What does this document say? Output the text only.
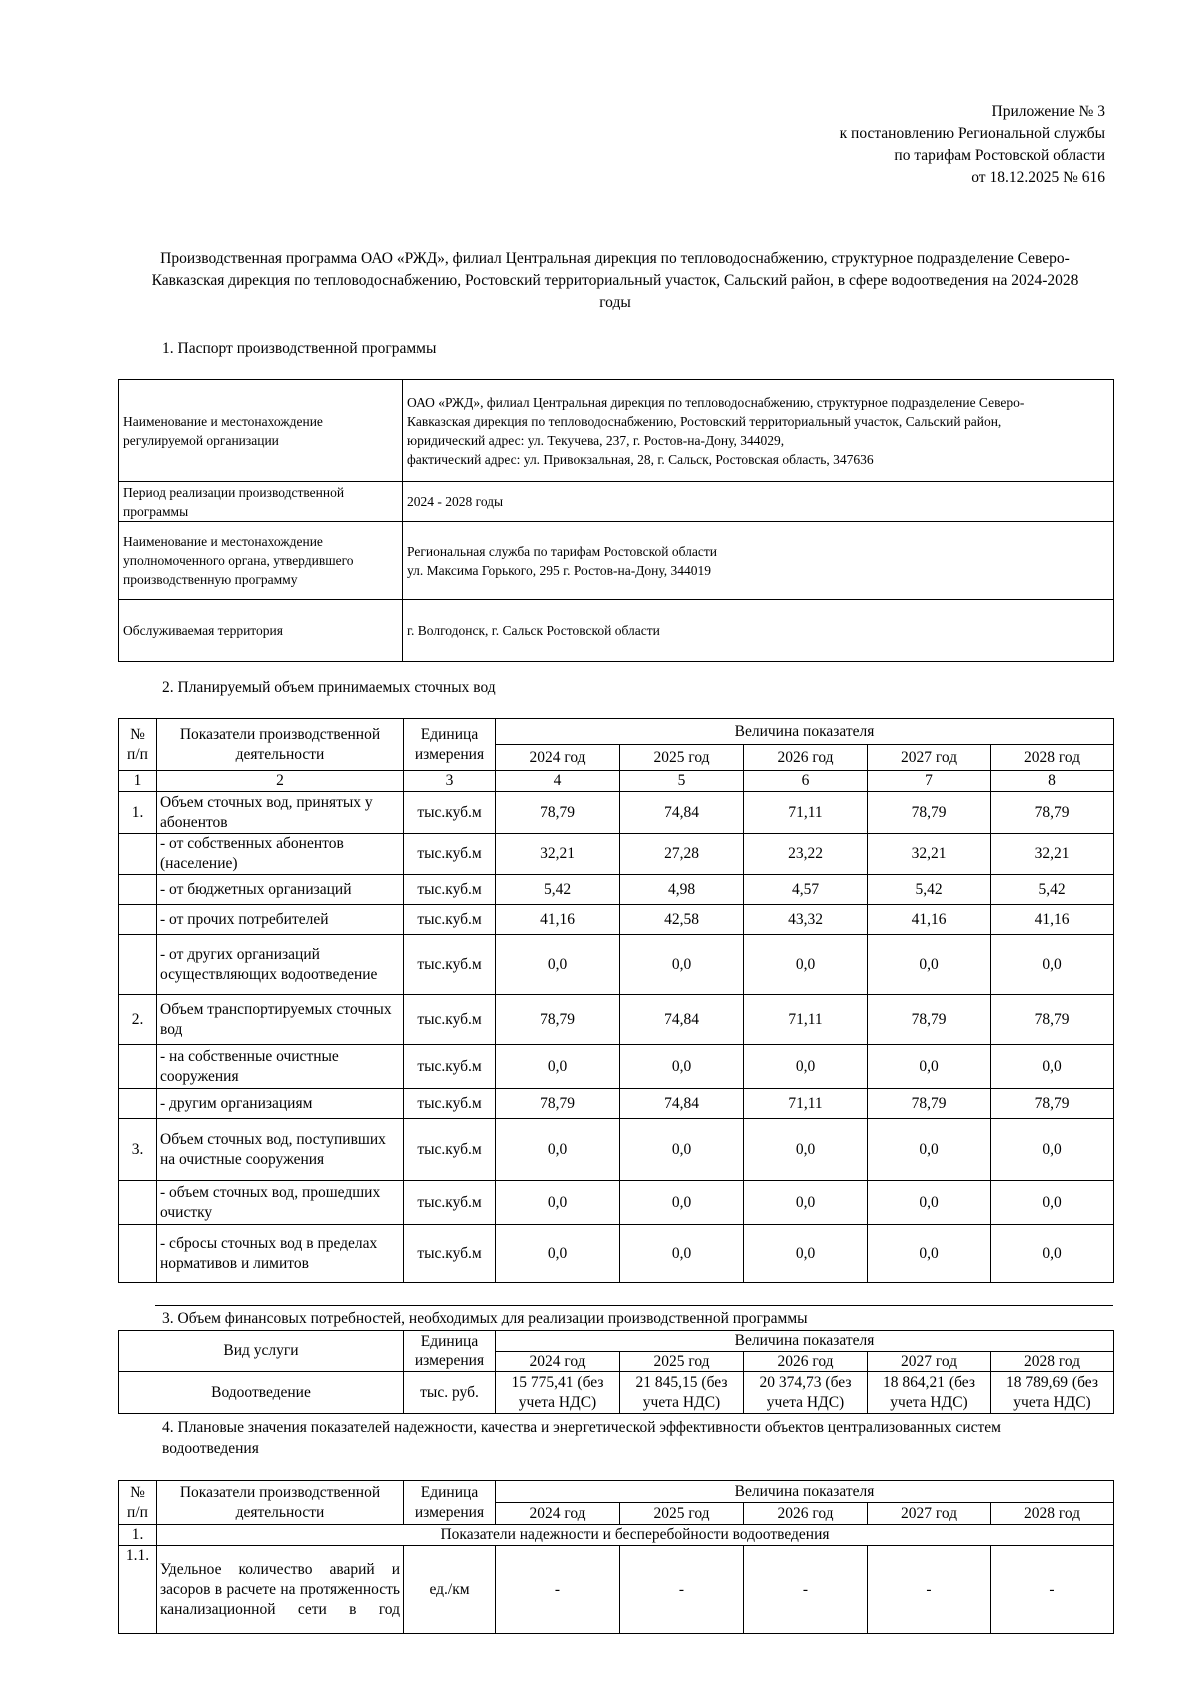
Приложение № 3
к постановлению Региональной службы
по тарифам Ростовской области
от 18.12.2025 № 616
Производственная программа ОАО «РЖД», филиал Центральная дирекция по тепловодоснабжению, структурное подразделение Северо-
Кавказская дирекция по тепловодоснабжению, Ростовский территориальный участок, Сальский район, в сфере водоотведения на 2024-2028
годы
1. Паспорт производственной программы
Наименование и местонахождение регулируемой организации	ОАО «РЖД», филиал Центральная дирекция по тепловодоснабжению, структурное подразделение Северо-
Кавказская дирекция по тепловодоснабжению, Ростовский территориальный участок, Сальский район,
юридический адрес: ул. Текучева, 237, г. Ростов-на-Дону, 344029,
фактический адрес: ул. Привокзальная, 28, г. Сальск, Ростовская область, 347636

Период реализации производственной программы	2024 - 2028 годы

Наименование и местонахождение уполномоченного органа, утвердившего производственную программу	Региональная служба по тарифам Ростовской области
ул. Максима Горького, 295 г. Ростов-на-Дону, 344019

Обслуживаемая территория	г. Волгодонск, г. Сальск Ростовской области
2. Планируемый объем принимаемых сточных вод
№ п/п	Показатели производственной деятельности	Единица измерения	Величина показателя				
			2024 год	2025 год	2026 год	2027 год	2028 год
1	2	3	4	5	6	7	8
1.	Объем сточных вод, принятых у абонентов	тыс.куб.м	78,79	74,84	71,11	78,79	78,79
	- от собственных абонентов (население)	тыс.куб.м	32,21	27,28	23,22	32,21	32,21
	- от бюджетных организаций	тыс.куб.м	5,42	4,98	4,57	5,42	5,42
	- от прочих потребителей	тыс.куб.м	41,16	42,58	43,32	41,16	41,16
	- от других организаций осуществляющих водоотведение	тыс.куб.м	0,0	0,0	0,0	0,0	0,0
2.	Объем транспортируемых сточных вод	тыс.куб.м	78,79	74,84	71,11	78,79	78,79
	- на собственные очистные сооружения	тыс.куб.м	0,0	0,0	0,0	0,0	0,0
	- другим организациям	тыс.куб.м	78,79	74,84	71,11	78,79	78,79
3.	Объем сточных вод, поступивших на очистные сооружения	тыс.куб.м	0,0	0,0	0,0	0,0	0,0
	- объем сточных вод, прошедших очистку	тыс.куб.м	0,0	0,0	0,0	0,0	0,0
	- сбросы сточных вод в пределах нормативов и лимитов	тыс.куб.м	0,0	0,0	0,0	0,0	0,0
3. Объем финансовых потребностей, необходимых для реализации производственной программы
Вид услуги	Единица измерения	Величина показателя				
		2024 год	2025 год	2026 год	2027 год	2028 год
Водоотведение	тыс. руб.	15 775,41 (без учета НДС)	21 845,15 (без учета НДС)	20 374,73 (без учета НДС)	18 864,21 (без учета НДС)	18 789,69 (без учета НДС)
4. Плановые значения показателей надежности, качества и энергетической эффективности объектов централизованных систем
водоотведения
№ п/п	Показатели производственной деятельности	Единица измерения	Величина показателя				
			2024 год	2025 год	2026 год	2027 год	2028 год
1.	Показатели надежности и бесперебойности водоотведения						
1.1.	Удельное количество аварий и засоров в расчете на протяженность канализационной сети в год	ед./км	-	-	-	-	-
